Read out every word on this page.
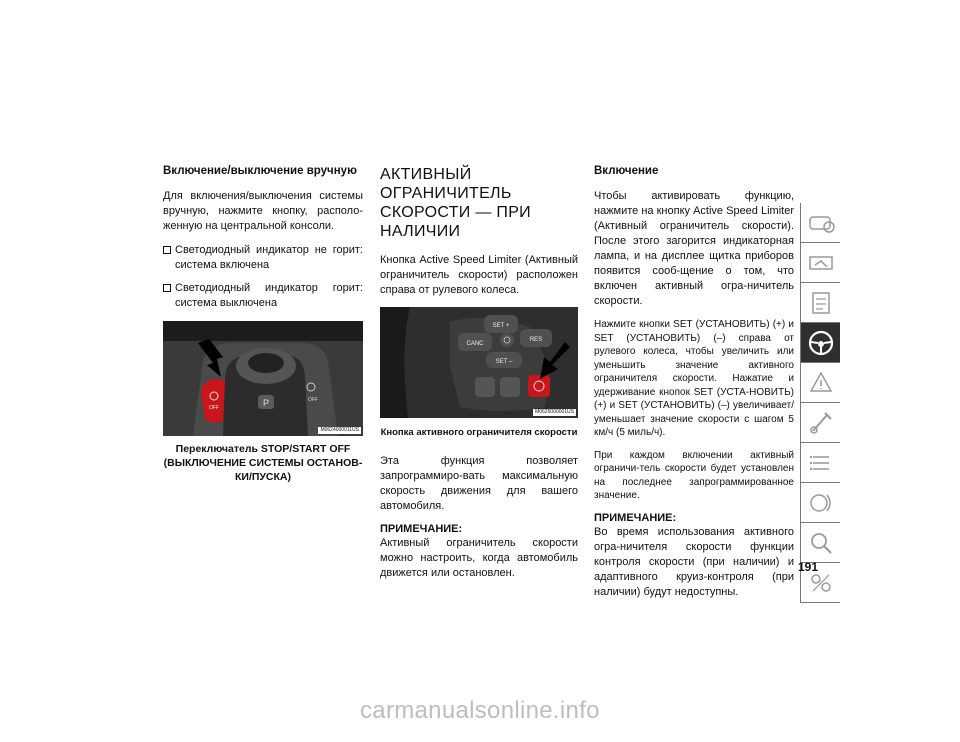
Включение/выключение вручную

Для включения/выключения системы вручную, нажмите кнопку, располо-женную на центральной консоли.

Светодиодный индикатор не горит: система включена
Светодиодный индикатор горит: система выключена
P
OFF
OFF
M0624000011US

Переключатель STOP/START OFF (ВЫКЛЮЧЕНИЕ СИСТЕМЫ ОСТАНОВ-КИ/ПУСКА)

АКТИВНЫЙ ОГРАНИЧИТЕЛЬ СКОРОСТИ — ПРИ НАЛИЧИИ

Кнопка Active Speed Limiter (Активный ограничитель скорости) расположен справа от рулевого колеса.

SET +
CANC
RES
SET –
M0625000001US

Кнопка активного ограничителя скорости

Эта функция позволяет запрограммиро-вать максимальную скорость движения для вашего автомобиля.

ПРИМЕЧАНИЕ:

Активный ограничитель скорости можно настроить, когда автомобиль движется или остановлен.

Включение

Чтобы активировать функцию, нажмите на кнопку Active Speed Limiter (Активный ограничитель скорости). После этого загорится индикаторная лампа, и на дисплее щитка приборов появится сооб-щение о том, что включен активный огра-ничитель скорости.

Нажмите кнопки SET (УСТАНОВИТЬ) (+) и SET (УСТАНОВИТЬ) (–) справа от рулевого колеса, чтобы увеличить или уменьшить значение активного ограничителя скорости. Нажатие и удерживание кнопок SET (УСТА-НОВИТЬ) (+) и SET (УСТАНОВИТЬ) (–) увеличивает/уменьшает значение скорости с шагом 5 км/ч (5 миль/ч).

При каждом включении активный ограничи-тель скорости будет установлен на последнее запрограммированное значение.

ПРИМЕЧАНИЕ:

Во время использования активного огра-ничителя скорости функции контроля скорости (при наличии) и адаптивного круиз-контроля (при наличии) будут недоступны.

191
carmanualsonline.info
